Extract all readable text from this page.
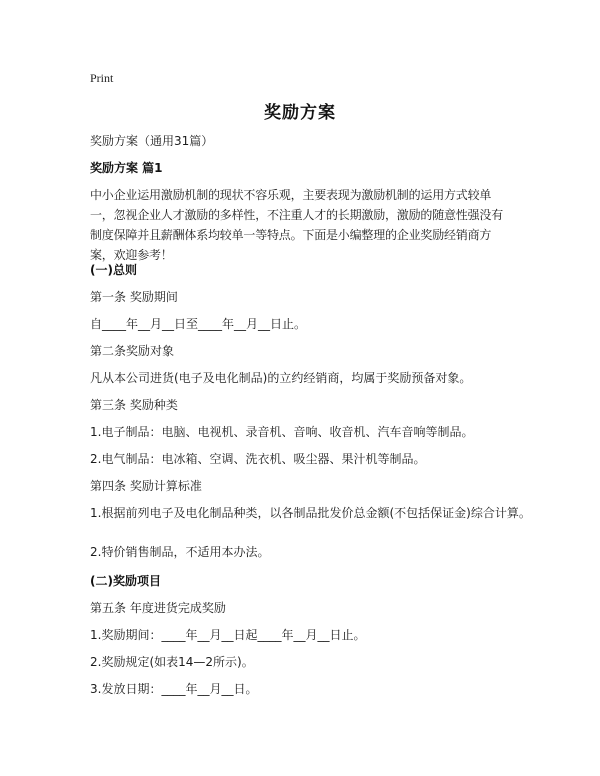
Print
奖励方案
奖励方案（通用31篇）
奖励方案 篇1
中小企业运用激励机制的现状不容乐观，主要表现为激励机制的运用方式较单一，忽视企业人才激励的多样性，不注重人才的长期激励，激励的随意性强没有制度保障并且薪酬体系均较单一等特点。下面是小编整理的企业奖励经销商方案，欢迎参考！
(一)总则
第一条 奖励期间
自____年__月__日至____年__月__日止。
第二条奖励对象
凡从本公司进货(电子及电化制品)的立约经销商，均属于奖励预备对象。
第三条 奖励种类
1.电子制品：电脑、电视机、录音机、音响、收音机、汽车音响等制品。
2.电气制品：电冰箱、空调、洗衣机、吸尘器、果汁机等制品。
第四条 奖励计算标准
1.根据前列电子及电化制品种类，以各制品批发价总金额(不包括保证金)综合计算。
2.特价销售制品，不适用本办法。
(二)奖励项目
第五条 年度进货完成奖励
1.奖励期间：____年__月__日起____年__月__日止。
2.奖励规定(如表14—2所示)。
3.发放日期：____年__月__日。
